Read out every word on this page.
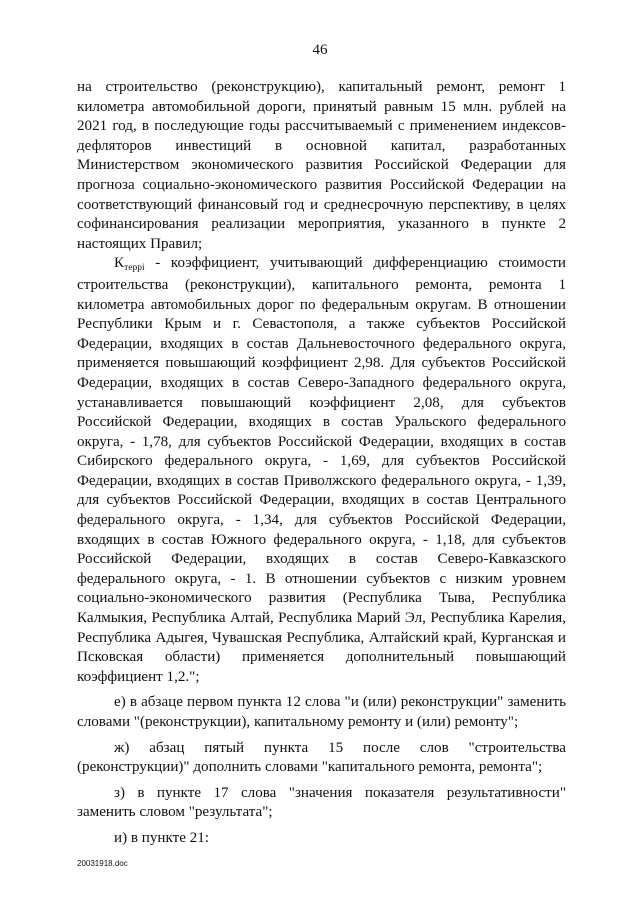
46

на строительство (реконструкцию), капитальный ремонт, ремонт 1 километра автомобильной дороги, принятый равным 15 млн. рублей на 2021 год, в последующие годы рассчитываемый с применением индексов-дефляторов инвестиций в основной капитал, разработанных Министерством экономического развития Российской Федерации для прогноза социально-экономического развития Российской Федерации на соответствующий финансовый год и среднесрочную перспективу, в целях софинансирования реализации мероприятия, указанного в пункте 2 настоящих Правил;

Ктеррi - коэффициент, учитывающий дифференциацию стоимости строительства (реконструкции), капитального ремонта, ремонта 1 километра автомобильных дорог по федеральным округам. В отношении Республики Крым и г. Севастополя, а также субъектов Российской Федерации, входящих в состав Дальневосточного федерального округа, применяется повышающий коэффициент 2,98. Для субъектов Российской Федерации, входящих в состав Северо-Западного федерального округа, устанавливается повышающий коэффициент 2,08, для субъектов Российской Федерации, входящих в состав Уральского федерального округа, - 1,78, для субъектов Российской Федерации, входящих в состав Сибирского федерального округа, - 1,69, для субъектов Российской Федерации, входящих в состав Приволжского федерального округа, - 1,39, для субъектов Российской Федерации, входящих в состав Центрального федерального округа, - 1,34, для субъектов Российской Федерации, входящих в состав Южного федерального округа, - 1,18, для субъектов Российской Федерации, входящих в состав Северо-Кавказского федерального округа, - 1. В отношении субъектов с низким уровнем социально-экономического развития (Республика Тыва, Республика Калмыкия, Республика Алтай, Республика Марий Эл, Республика Карелия, Республика Адыгея, Чувашская Республика, Алтайский край, Курганская и Псковская области) применяется дополнительный повышающий коэффициент 1,2.";

е) в абзаце первом пункта 12 слова "и (или) реконструкции" заменить словами "(реконструкции), капитальному ремонту и (или) ремонту";

ж) абзац пятый пункта 15 после слов "строительства (реконструкции)" дополнить словами "капитального ремонта, ремонта";

з) в пункте 17 слова "значения показателя результативности" заменить словом "результата";

и) в пункте 21:

20031918.doc
